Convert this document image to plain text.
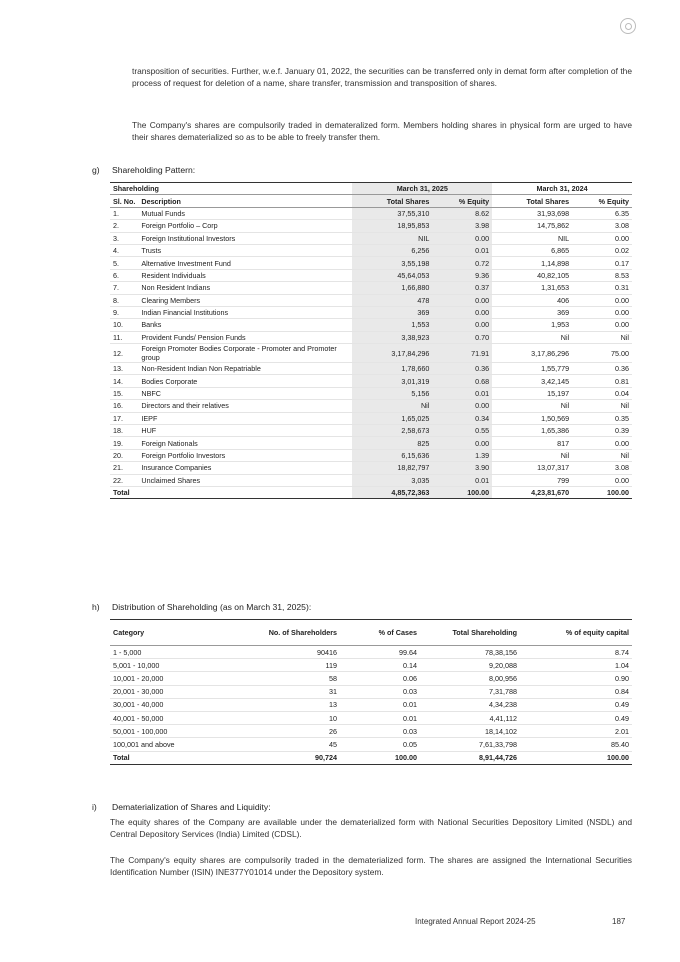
transposition of securities. Further, w.e.f. January 01, 2022, the securities can be transferred only in demat form after completion of the process of request for deletion of a name, share transfer, transmission and transposition of shares.

The Company's shares are compulsorily traded in demateralized form. Members holding shares in physical form are urged to have their shares dematerialized so as to be able to freely transfer them.

g) Shareholding Pattern:
Shareholding		March 31, 2025		March 31, 2024	
Sl. No.	Description	Total Shares	% Equity	Total Shares	% Equity
1.	Mutual Funds	37,55,310	8.62	31,93,698	6.35
2.	Foreign Portfolio – Corp	18,95,853	3.98	14,75,862	3.08
3.	Foreign Institutional Investors	NIL	0.00	NIL	0.00
4.	Trusts	6,256	0.01	6,865	0.02
5.	Alternative Investment Fund	3,55,198	0.72	1,14,898	0.17
6.	Resident Individuals	45,64,053	9.36	40,82,105	8.53
7.	Non Resident Indians	1,66,880	0.37	1,31,653	0.31
8.	Clearing Members	478	0.00	406	0.00
9.	Indian Financial Institutions	369	0.00	369	0.00
10.	Banks	1,553	0.00	1,953	0.00
11.	Provident Funds/ Pension Funds	3,38,923	0.70	Nil	Nil
12.	Foreign Promoter Bodies Corporate - Promoter and Promoter group	3,17,84,296	71.91	3,17,86,296	75.00
13.	Non-Resident Indian Non Repatriable	1,78,660	0.36	1,55,779	0.36
14.	Bodies Corporate	3,01,319	0.68	3,42,145	0.81
15.	NBFC	5,156	0.01	15,197	0.04
16.	Directors and their relatives	Nil	0.00	Nil	Nil
17.	IEPF	1,65,025	0.34	1,50,569	0.35
18.	HUF	2,58,673	0.55	1,65,386	0.39
19.	Foreign Nationals	825	0.00	817	0.00
20.	Foreign Portfolio Investors	6,15,636	1.39	Nil	Nil
21.	Insurance Companies	18,82,797	3.90	13,07,317	3.08
22.	Unclaimed Shares	3,035	0.01	799	0.00
Total		4,85,72,363	100.00	4,23,81,670	100.00
h) Distribution of Shareholding (as on March 31, 2025):
Category	No. of Shareholders	% of Cases	Total Shareholding	% of equity capital
1 - 5,000	90416	99.64	78,38,156	8.74
5,001 - 10,000	119	0.14	9,20,088	1.04
10,001 - 20,000	58	0.06	8,00,956	0.90
20,001 - 30,000	31	0.03	7,31,788	0.84
30,001 - 40,000	13	0.01	4,34,238	0.49
40,001 - 50,000	10	0.01	4,41,112	0.49
50,001 - 100,000	26	0.03	18,14,102	2.01
100,001 and above	45	0.05	7,61,33,798	85.40
Total	90,724	100.00	8,91,44,726	100.00
i) Dematerialization of Shares and Liquidity:

The equity shares of the Company are available under the dematerialized form with National Securities Depository Limited (NSDL) and Central Depository Services (India) Limited (CDSL).

The Company's equity shares are compulsorily traded in the dematerialized form. The shares are assigned the International Securities Identification Number (ISIN) INE377Y01014 under the Depository system.

Integrated Annual Report 2024-25	187
